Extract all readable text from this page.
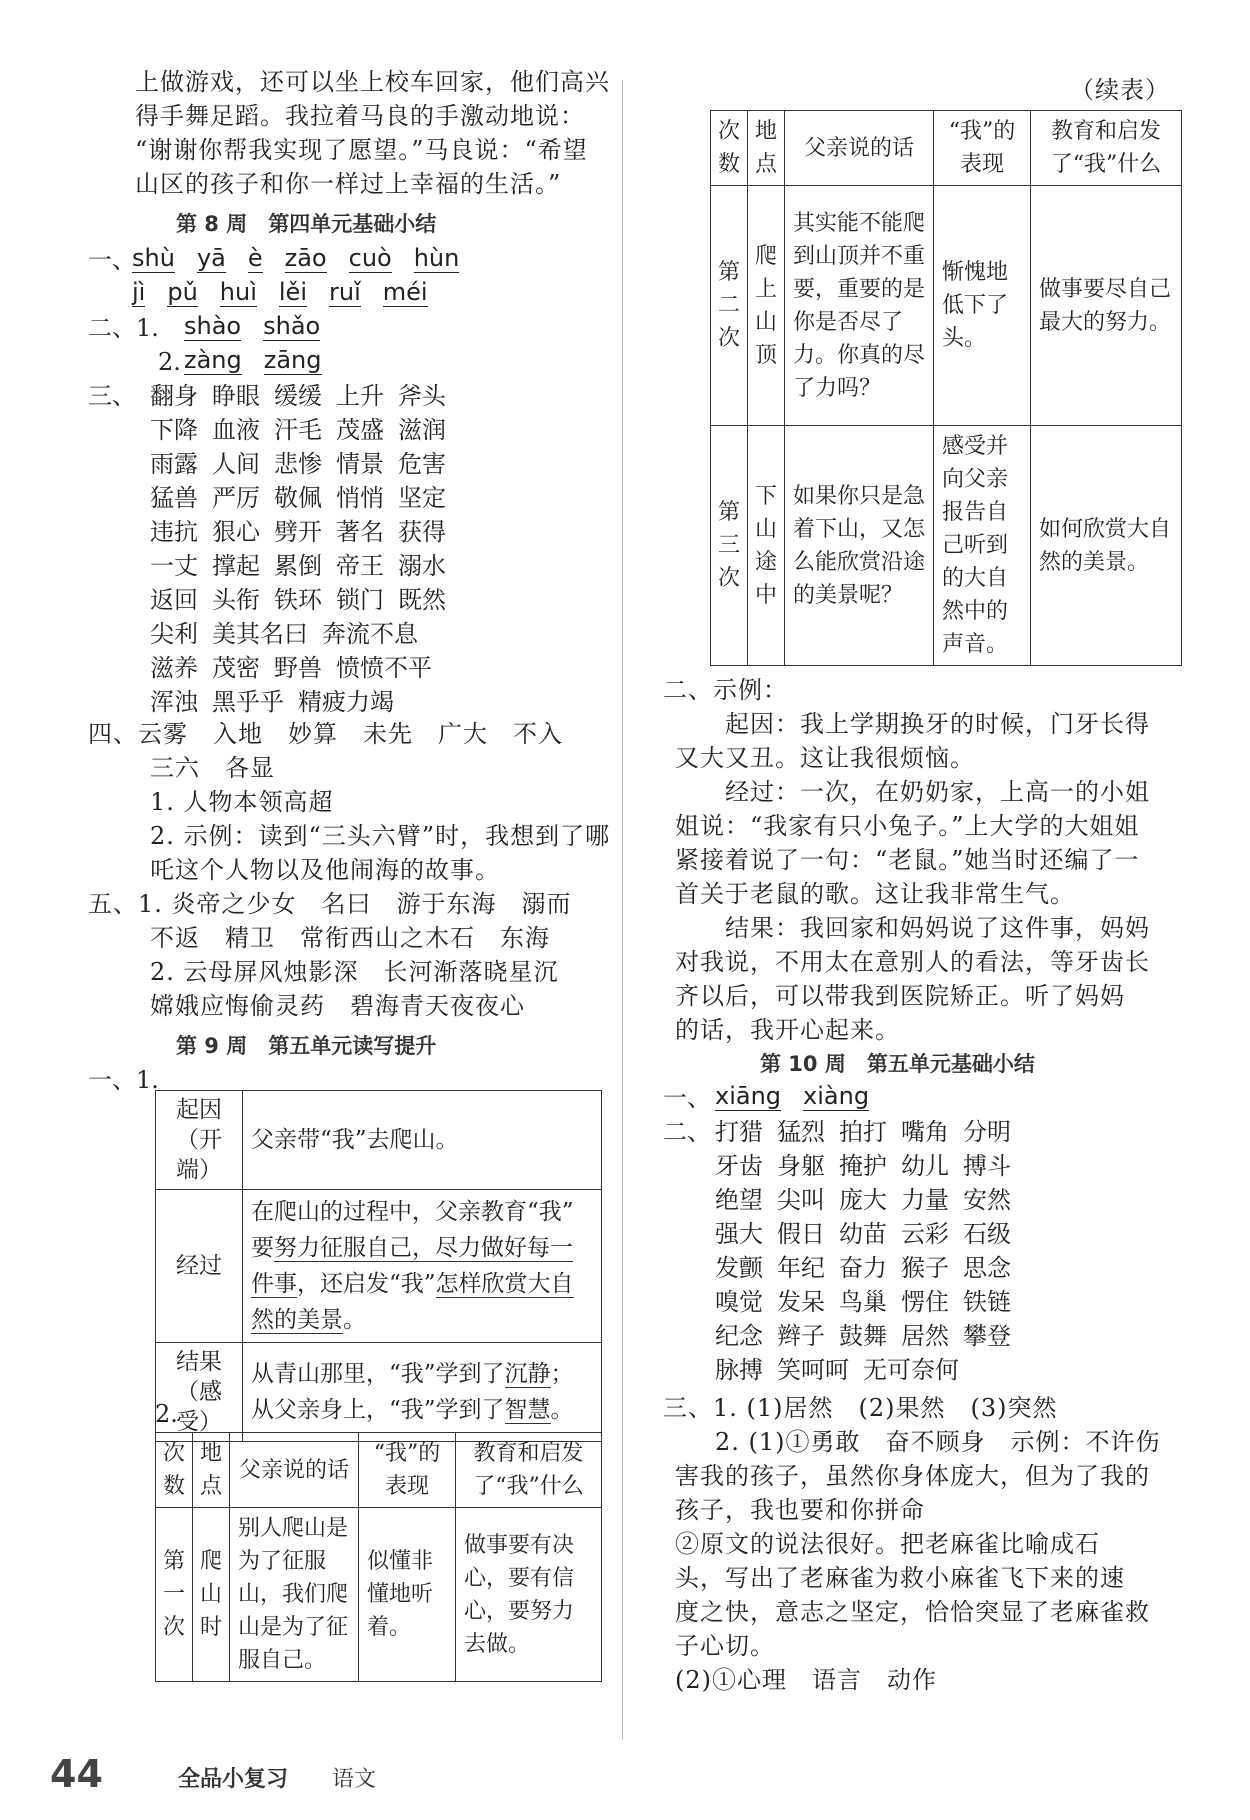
上做游戏，还可以坐上校车回家，他们高兴
得手舞足蹈。我拉着马良的手激动地说：
“谢谢你帮我实现了愿望。”马良说：“希望
山区的孩子和你一样过上幸福的生活。”
第 8 周　第四单元基础小结
一、
shù yā è zāo cuò hùn
jì pǔ huì lěi ruǐ méi
二、1. shào shǎo
2. zàng zāng
三、 翻身 睁眼 缓缓 上升 斧头
下降 血液 汗毛 茂盛 滋润
雨露 人间 悲惨 情景 危害
猛兽 严厉 敬佩 悄悄 坚定
违抗 狠心 劈开 著名 获得
一丈 撑起 累倒 帝王 溺水
返回 头衔 铁环 锁门 既然
尖利 美其名曰 奔流不息
滋养 茂密 野兽 愤愤不平
浑浊 黑乎乎 精疲力竭
四、云雾　入地　妙算　未先　广大　不入
三六　各显
1. 人物本领高超
2. 示例：读到“三头六臂”时，我想到了哪
吒这个人物以及他闹海的故事。
五、1. 炎帝之少女　名曰　游于东海　溺而
不返　精卫　常衔西山之木石　东海
2. 云母屏风烛影深　长河渐落晓星沉
嫦娥应悔偷灵药　碧海青天夜夜心
第 9 周　第五单元读写提升
一、1.
起因
（开端）	父亲带“我”去爬山。
经过	在爬山的过程中，父亲教育“我”
要努力征服自己，尽力做好每一
件事，还启发“我”怎样欣赏大自
然的美景。
结果
（感受）	从青山那里，“我”学到了沉静；
从父亲身上，“我”学到了智慧。
2.
次数	地点	父亲说的话	“我”的表现	教育和启发了“我”什么
第一次	爬山时	别人爬山是为了征服山，我们爬山是为了征服自己。	似懂非懂地听着。	做事要有决心，要有信心，要努力去做。
（续表）
次数	地点	父亲说的话	“我”的表现	教育和启发了“我”什么
第二次	爬上山顶	其实能不能爬到山顶并不重要，重要的是你是否尽了力。你真的尽了力吗？	惭愧地低下了头。	做事要尽自己最大的努力。
第三次	下山途中	如果你只是急着下山，又怎么能欣赏沿途的美景呢？	感受并向父亲报告自己听到的大自然中的声音。	如何欣赏大自然的美景。
二、示例：
起因：我上学期换牙的时候，门牙长得
又大又丑。这让我很烦恼。
经过：一次，在奶奶家，上高一的小姐
姐说：“我家有只小兔子。”上大学的大姐姐
紧接着说了一句：“老鼠。”她当时还编了一
首关于老鼠的歌。这让我非常生气。
结果：我回家和妈妈说了这件事，妈妈
对我说，不用太在意别人的看法，等牙齿长
齐以后，可以带我到医院矫正。听了妈妈
的话，我开心起来。
第 10 周　第五单元基础小结
一、 xiāng xiàng
二、 打猎 猛烈 拍打 嘴角 分明
牙齿 身躯 掩护 幼儿 搏斗
绝望 尖叫 庞大 力量 安然
强大 假日 幼苗 云彩 石级
发颤 年纪 奋力 猴子 思念
嗅觉 发呆 鸟巢 愣住 铁链
纪念 辫子 鼓舞 居然 攀登
脉搏 笑呵呵 无可奈何
三、1. (1)居然　(2)果然　(3)突然
2. (1)①勇敢　奋不顾身　示例：不许伤
害我的孩子，虽然你身体庞大，但为了我的
孩子，我也要和你拼命
②原文的说法很好。把老麻雀比喻成石
头，写出了老麻雀为救小麻雀飞下来的速
度之快，意志之坚定，恰恰突显了老麻雀救
子心切。
(2)①心理　语言　动作
44	全品小复习 语文
